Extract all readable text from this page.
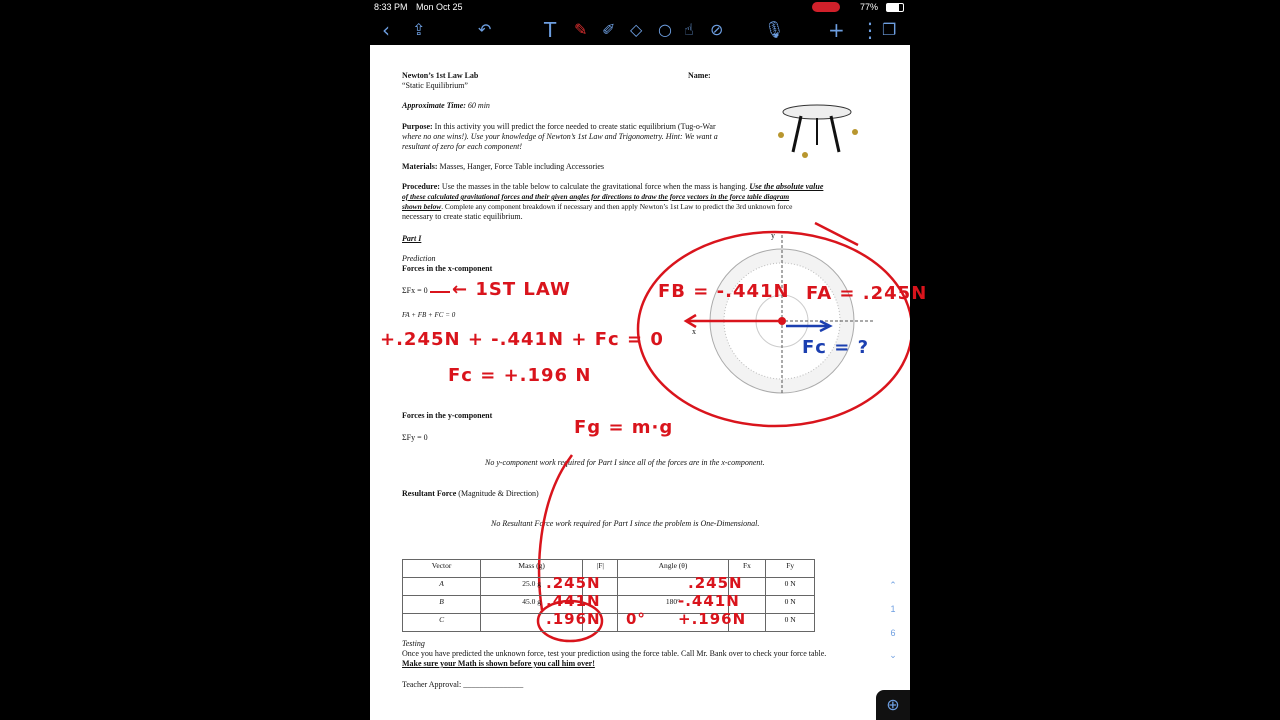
8:33 PM Mon Oct 25	77%
‹ ⇪	↶	T ✎ ✐ ◇ ○ ☝ ⊘	🎙 + ⋮ ❐
Newton’s 1st Law Lab
“Static Equilibrium”
Name:
Approximate Time: 60 min
Purpose: In this activity you will predict the force needed to create static equilibrium (Tug-o-War
where no one wins!). Use your knowledge of Newton’s 1st Law and Trigonometry. Hint: We want a
resultant of zero for each component!
Materials: Masses, Hanger, Force Table including Accessories
Procedure: Use the masses in the table below to calculate the gravitational force when the mass is hanging. Use the absolute value
of these calculated gravitational forces and their given angles for directions to draw the force vectors in the force table diagram
shown below. Complete any component breakdown if necessary and then apply Newton’s 1st Law to predict the 3rd unknown force
necessary to create static equilibrium.
Part I
Prediction
Forces in the x-component
ΣFx = 0
FA + FB + FC = 0
Forces in the y-component
ΣFy = 0
No y-component work required for Part I since all of the forces are in the x-component.
Resultant Force (Magnitude & Direction)
No Resultant Force work required for Part I since the problem is One-Dimensional.
y
x
Vector	Mass (g)	|F|	Angle (θ)	Fx	Fy
A	25.0 g				0 N
B	45.0 g		180°		0 N
C					0 N
Testing
Once you have predicted the unknown force, test your prediction using the force table. Call Mr. Bank over to check your force table.
Make sure your Math is shown before you call him over!
Teacher Approval: _______________
← 1ST LAW
+.245N + -.441N + Fc = 0
Fc = +.196 N
FB = -.441N FA = .245N
Fc = ?
Fg = m·g
.245N
.441N
.196N 0°
.245N
-.441N
+.196N
⌃
1
6
⌄
⊕
